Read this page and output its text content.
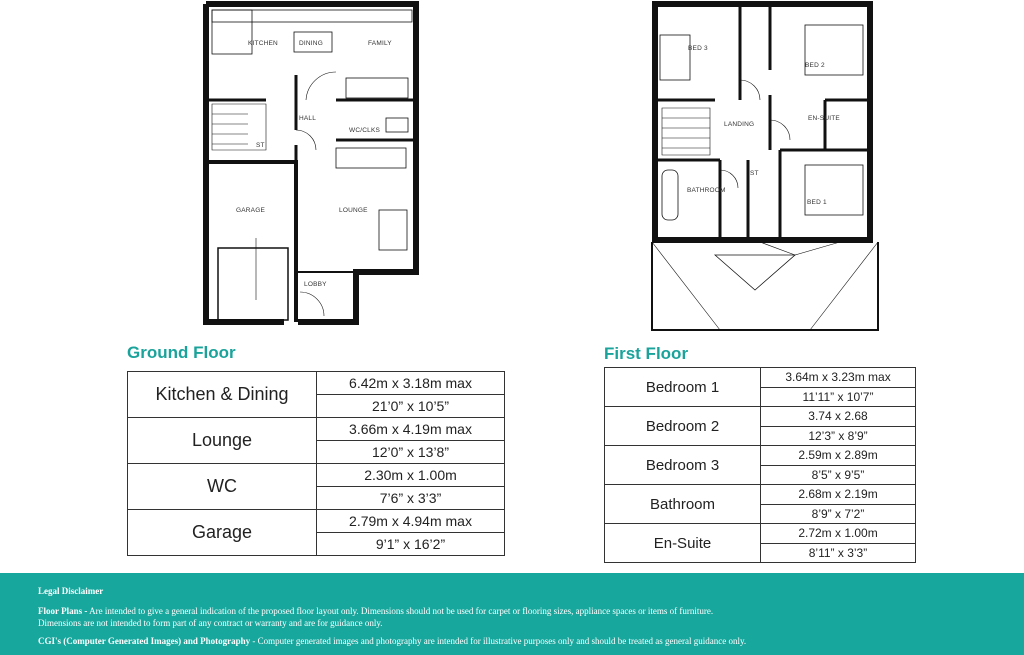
KITCHEN	DINING	FAMILY
HALL
ST
WC/CLKS
GARAGE	LOUNGE
LOBBY
BED 3
BED 2
LANDING
EN-SUITE
ST
BATHROOM
BED 1
Ground Floor
Kitchen & Dining	6.42m x 3.18m max
	21’0” x 10’5”
Lounge	3.66m x 4.19m max
	12’0” x 13’8”
WC	2.30m x 1.00m
	7’6” x 3’3”
Garage	2.79m x 4.94m max
	9’1” x 16’2”
First Floor
Bedroom 1	3.64m x 3.23m max
	11’11” x 10’7”
Bedroom 2	3.74 x 2.68
	12’3” x 8’9”
Bedroom 3	2.59m x 2.89m
	8’5” x 9’5”
Bathroom	2.68m x 2.19m
	8’9” x 7’2”
En-Suite	2.72m x 1.00m
	8’11” x 3’3”
Legal Disclaimer
Floor Plans - Are intended to give a general indication of the proposed floor layout only. Dimensions should not be used for carpet or flooring sizes, appliance spaces or items of furniture.
Dimensions are not intended to form part of any contract or warranty and are for guidance only.
CGI's (Computer Generated Images) and Photography - Computer generated images and photography are intended for illustrative purposes only and should be treated as general guidance only.
